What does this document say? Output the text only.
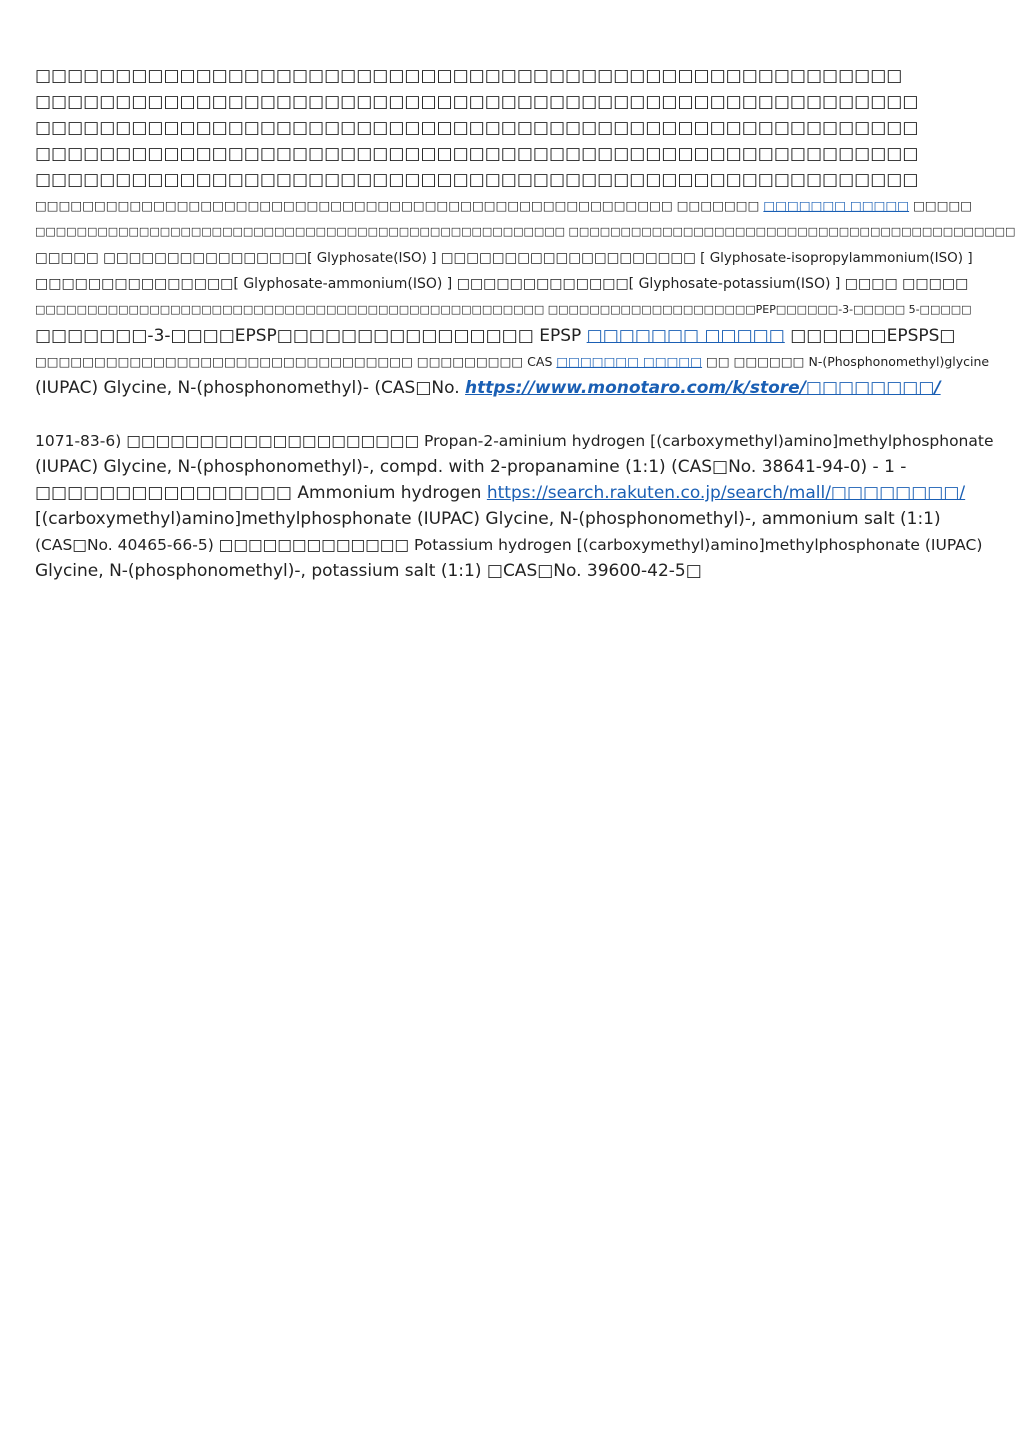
□□□□□□□□□□□□□□□□□□□□□□□□□□□□□□□□□□□□□□□□□□□□□□□□□□□□□□
□□□□□□□□□□□□□□□□□□□□□□□□□□□□□□□□□□□□□□□□□□□□□□□□□□□□□□□
□□□□□□□□□□□□□□□□□□□□□□□□□□□□□□□□□□□□□□□□□□□□□□□□□□□□□□□
□□□□□□□□□□□□□□□□□□□□□□□□□□□□□□□□□□□□□□□□□□□□□□□□□□□□□□□
□□□□□□□□□□□□□□□□□□□□□□□□□□□□□□□□□□□□□□□□□□□□□□□□□□□□□□□
□□□□□□□□□□□□□□□□□□□□□□□□□□□□□□□□□□□□□□□□□□□□□□□□□□□□□□ □□□□□□□ □□□□□□□ □□□□□ □□□□□
□□□□□□□□□□□□□□□□□□□□□□□□□□□□□□□□□□□□□□□□□□□□□□□□□□□ □□□□□□□□□□□□□□□□□□□□□□□□□□□□□□□□□□□□□□□□□□□
□□□□□ □□□□□□□□□□□□□□□□[ Glyphosate(ISO) ] □□□□□□□□□□□□□□□□□□□□ [ Glyphosate-isopropylammonium(ISO) ]
□□□□□□□□□□□□□□□[ Glyphosate-ammonium(ISO) ] □□□□□□□□□□□□□[ Glyphosate-potassium(ISO) ] □□□□ □□□□□
□□□□□□□□□□□□□□□□□□□□□□□□□□□□□□□□□□□□□□□□□□□□□□□□□ □□□□□□□□□□□□□□□□□□□□PEP□□□□□□-3-□□□□□ 5-□□□□□
□□□□□□□-3-□□□□EPSP□□□□□□□□□□□□□□□□ EPSP □□□□□□□ □□□□□ □□□□□□EPSPS□
□□□□□□□□□□□□□□□□□□□□□□□□□□□□□□□□ □□□□□□□□□ CAS □□□□□□□ □□□□□ □□ □□□□□□ N-(Phosphonomethyl)glycine
(IUPAC) Glycine, N-(phosphonomethyl)- (CAS□No. https://www.monotaro.com/k/store/□□□□□□□□/
1071-83-6) □□□□□□□□□□□□□□□□□□□□ Propan-2-aminium hydrogen [(carboxymethyl)amino]methylphosphonate
(IUPAC) Glycine, N-(phosphonomethyl)-, compd. with 2-propanamine (1:1) (CAS□No. 38641-94-0) - 1 -
□□□□□□□□□□□□□□□□ Ammonium hydrogen https://search.rakuten.co.jp/search/mall/□□□□□□□□/
[(carboxymethyl)amino]methylphosphonate (IUPAC) Glycine, N-(phosphonomethyl)-, ammonium salt (1:1)
(CAS□No. 40465-66-5) □□□□□□□□□□□□□ Potassium hydrogen [(carboxymethyl)amino]methylphosphonate (IUPAC)
Glycine, N-(phosphonomethyl)-, potassium salt (1:1) □CAS□No. 39600-42-5□
